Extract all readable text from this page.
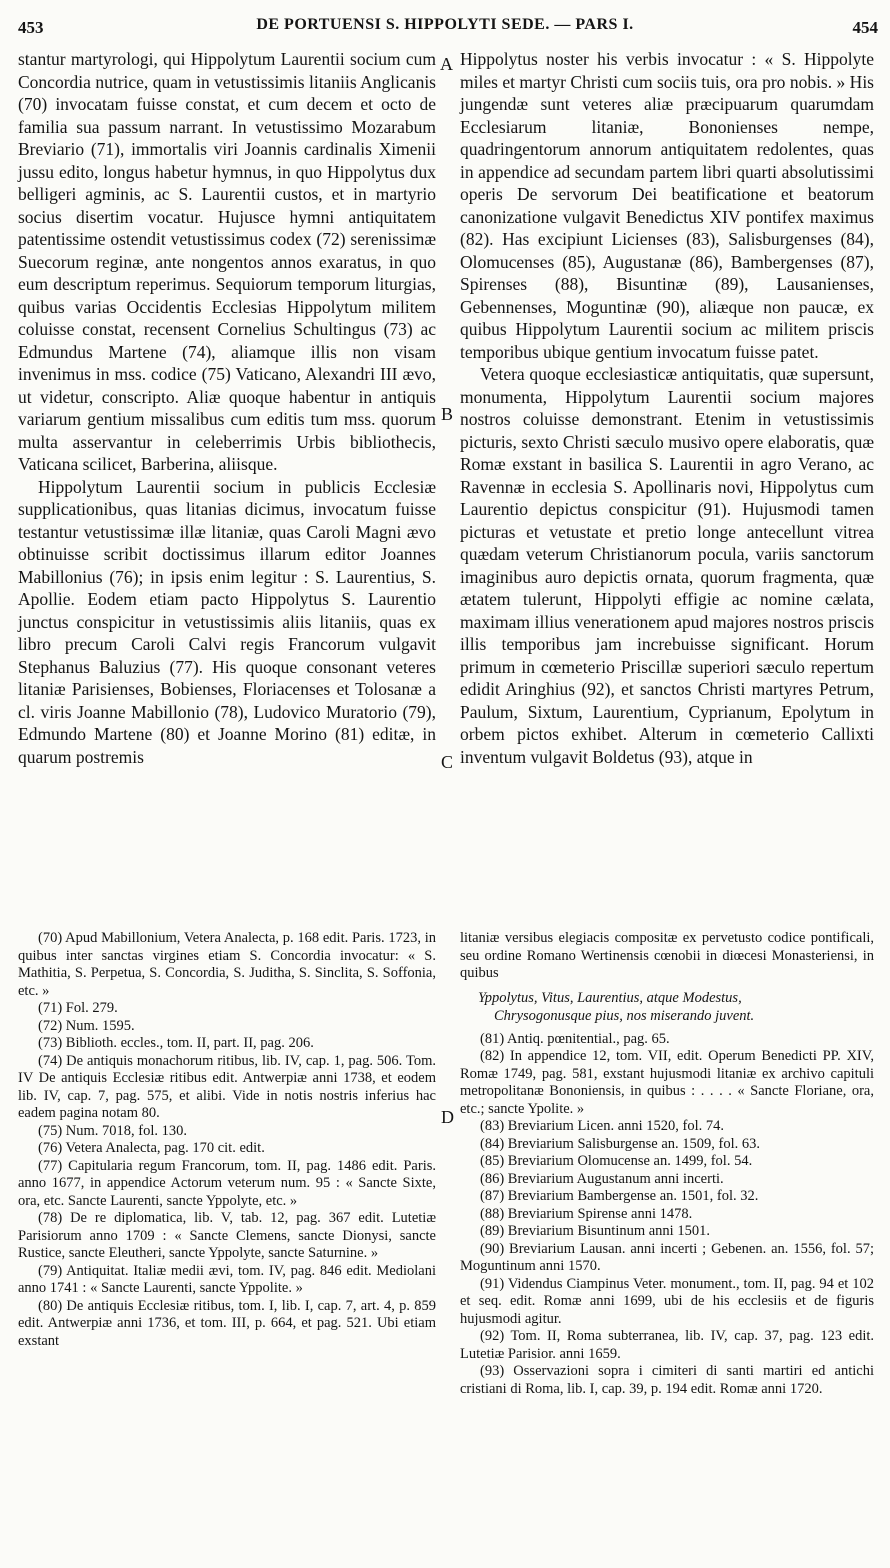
453	DE PORTUENSI S. HIPPOLYTI SEDE. — PARS I.	454
A
B
C
D

stantur martyrologi, qui Hippolytum Laurentii socium cum Concordia nutrice, quam in vetustissimis litaniis Anglicanis (70) invocatam fuisse constat, et cum decem et octo de familia sua passum narrant. In vetustissimo Mozarabum Breviario (71), immortalis viri Joannis cardinalis Ximenii jussu edito, longus habetur hymnus, in quo Hippolytus dux belligeri agminis, ac S. Laurentii custos, et in martyrio socius disertim vocatur. Hujusce hymni antiquitatem patentissime ostendit vetustissimus codex (72) serenissimæ Suecorum reginæ, ante nongentos annos exaratus, in quo eum descriptum reperimus. Sequiorum temporum liturgias, quibus varias Occidentis Ecclesias Hippolytum militem coluisse constat, recensent Cornelius Schultingus (73) ac Edmundus Martene (74), aliamque illis non visam invenimus in mss. codice (75) Vaticano, Alexandri III ævo, ut videtur, conscripto. Aliæ quoque habentur in antiquis variarum gentium missalibus cum editis tum mss. quorum multa asservantur in celeberrimis Urbis bibliothecis, Vaticana scilicet, Barberina, aliisque.

Hippolytum Laurentii socium in publicis Ecclesiæ supplicationibus, quas litanias dicimus, invocatum fuisse testantur vetustissimæ illæ litaniæ, quas Caroli Magni ævo obtinuisse scribit doctissimus illarum editor Joannes Mabillonius (76); in ipsis enim legitur : S. Laurentius, S. Apollie. Eodem etiam pacto Hippolytus S. Laurentio junctus conspicitur in vetustissimis aliis litaniis, quas ex libro precum Caroli Calvi regis Francorum vulgavit Stephanus Baluzius (77). His quoque consonant veteres litaniæ Parisienses, Bobienses, Floriacenses et Tolosanæ a cl. viris Joanne Mabillonio (78), Ludovico Muratorio (79), Edmundo Martene (80) et Joanne Morino (81) editæ, in quarum postremis

(70) Apud Mabillonium, Vetera Analecta, p. 168 edit. Paris. 1723, in quibus inter sanctas virgines etiam S. Concordia invocatur: « S. Mathitia, S. Perpetua, S. Concordia, S. Juditha, S. Sinclita, S. Soffonia, etc. »

(71) Fol. 279.

(72) Num. 1595.

(73) Biblioth. eccles., tom. II, part. II, pag. 206.

(74) De antiquis monachorum ritibus, lib. IV, cap. 1, pag. 506. Tom. IV De antiquis Ecclesiæ ritibus edit. Antwerpiæ anni 1738, et eodem lib. IV, cap. 7, pag. 575, et alibi. Vide in notis nostris inferius hac eadem pagina notam 80.

(75) Num. 7018, fol. 130.

(76) Vetera Analecta, pag. 170 cit. edit.

(77) Capitularia regum Francorum, tom. II, pag. 1486 edit. Paris. anno 1677, in appendice Actorum veterum num. 95 : « Sancte Sixte, ora, etc. Sancte Laurenti, sancte Yppolyte, etc. »

(78) De re diplomatica, lib. V, tab. 12, pag. 367 edit. Lutetiæ Parisiorum anno 1709 : « Sancte Clemens, sancte Dionysi, sancte Rustice, sancte Eleutheri, sancte Yppolyte, sancte Saturnine. »

(79) Antiquitat. Italiæ medii ævi, tom. IV, pag. 846 edit. Mediolani anno 1741 : « Sancte Laurenti, sancte Yppolite. »

(80) De antiquis Ecclesiæ ritibus, tom. I, lib. I, cap. 7, art. 4, p. 859 edit. Antwerpiæ anni 1736, et tom. III, p. 664, et pag. 521. Ubi etiam exstant

Hippolytus noster his verbis invocatur : « S. Hippolyte miles et martyr Christi cum sociis tuis, ora pro nobis. » His jungendæ sunt veteres aliæ præcipuarum quarumdam Ecclesiarum litaniæ, Bononienses nempe, quadringentorum annorum antiquitatem redolentes, quas in appendice ad secundam partem libri quarti absolutissimi operis De servorum Dei beatificatione et beatorum canonizatione vulgavit Benedictus XIV pontifex maximus (82). Has excipiunt Licienses (83), Salisburgenses (84), Olomucenses (85), Augustanæ (86), Bambergenses (87), Spirenses (88), Bisuntinæ (89), Lausanienses, Gebennenses, Moguntinæ (90), aliæque non paucæ, ex quibus Hippolytum Laurentii socium ac militem priscis temporibus ubique gentium invocatum fuisse patet.

Vetera quoque ecclesiasticæ antiquitatis, quæ supersunt, monumenta, Hippolytum Laurentii socium majores nostros coluisse demonstrant. Etenim in vetustissimis picturis, sexto Christi sæculo musivo opere elaboratis, quæ Romæ exstant in basilica S. Laurentii in agro Verano, ac Ravennæ in ecclesia S. Apollinaris novi, Hippolytus cum Laurentio depictus conspicitur (91). Hujusmodi tamen picturas et vetustate et pretio longe antecellunt vitrea quædam veterum Christianorum pocula, variis sanctorum imaginibus auro depictis ornata, quorum fragmenta, quæ ætatem tulerunt, Hippolyti effigie ac nomine cælata, maximam illius venerationem apud majores nostros priscis illis temporibus jam increbuisse significant. Horum primum in cœmeterio Priscillæ superiori sæculo repertum edidit Aringhius (92), et sanctos Christi martyres Petrum, Paulum, Sixtum, Laurentium, Cyprianum, Epolytum in orbem pictos exhibet. Alterum in cœmeterio Callixti inventum vulgavit Boldetus (93), atque in

litaniæ versibus elegiacis compositæ ex pervetusto codice pontificali, seu ordine Romano Wertinensis cœnobii in diœcesi Monasteriensi, in quibus

Yppolytus, Vitus, Laurentius, atque Modestus,
Chrysogonusque pius, nos miserando juvent.

(81) Antiq. pœnitential., pag. 65.

(82) In appendice 12, tom. VII, edit. Operum Benedicti PP. XIV, Romæ 1749, pag. 581, exstant hujusmodi litaniæ ex archivo capituli metropolitanæ Bononiensis, in quibus : . . . . « Sancte Floriane, ora, etc.; sancte Ypolite. »

(83) Breviarium Licen. anni 1520, fol. 74.

(84) Breviarium Salisburgense an. 1509, fol. 63.

(85) Breviarium Olomucense an. 1499, fol. 54.

(86) Breviarium Augustanum anni incerti.

(87) Breviarium Bambergense an. 1501, fol. 32.

(88) Breviarium Spirense anni 1478.

(89) Breviarium Bisuntinum anni 1501.

(90) Breviarium Lausan. anni incerti ; Gebenen. an. 1556, fol. 57; Moguntinum anni 1570.

(91) Videndus Ciampinus Veter. monument., tom. II, pag. 94 et 102 et seq. edit. Romæ anni 1699, ubi de his ecclesiis et de figuris hujusmodi agitur.

(92) Tom. II, Roma subterranea, lib. IV, cap. 37, pag. 123 edit. Lutetiæ Parisior. anni 1659.

(93) Osservazioni sopra i cimiteri di santi martiri ed antichi cristiani di Roma, lib. I, cap. 39, p. 194 edit. Romæ anni 1720.
